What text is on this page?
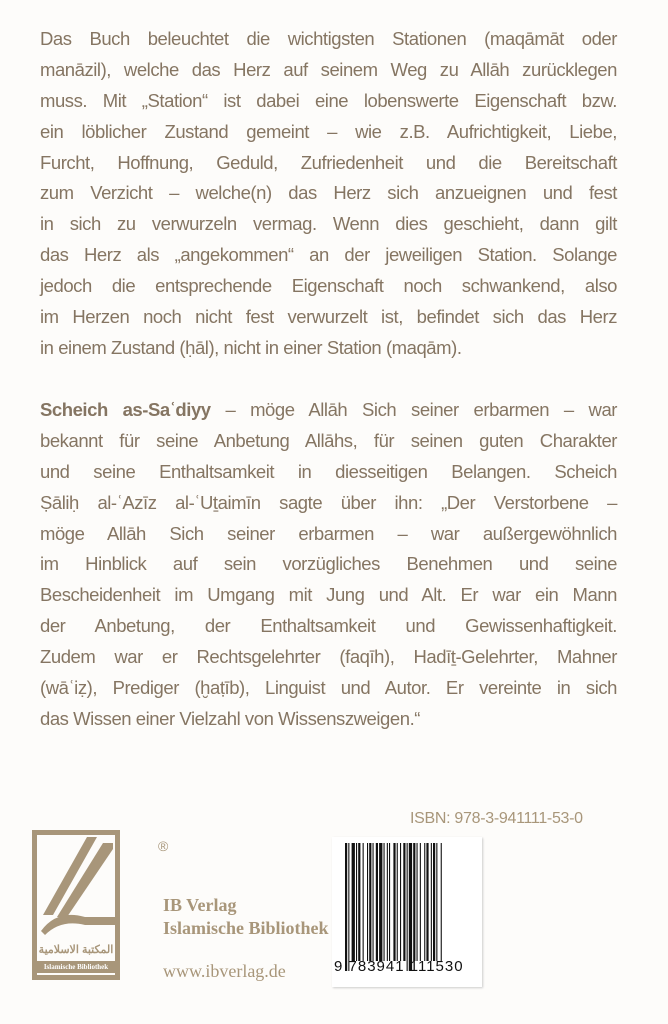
Das Buch beleuchtet die wichtigsten Stationen (maqāmāt oder
manāzil), welche das Herz auf seinem Weg zu Allāh zurücklegen
muss. Mit „Station“ ist dabei eine lobenswerte Eigenschaft bzw.
ein löblicher Zustand gemeint – wie z.B. Aufrichtigkeit, Liebe,
Furcht, Hoffnung, Geduld, Zufriedenheit und die Bereitschaft
zum Verzicht – welche(n) das Herz sich anzueignen und fest
in sich zu verwurzeln vermag. Wenn dies geschieht, dann gilt
das Herz als „angekommen“ an der jeweiligen Station. Solange
jedoch die entsprechende Eigenschaft noch schwankend, also
im Herzen noch nicht fest verwurzelt ist, befindet sich das Herz
in einem Zustand (ḥāl), nicht in einer Station (maqām).
Scheich as-Saʿdiyy – möge Allāh Sich seiner erbarmen – war
bekannt für seine Anbetung Allāhs, für seinen guten Charakter
und seine Enthaltsamkeit in diesseitigen Belangen. Scheich
Ṣāliḥ al-ʿAzīz al-ʿUṯaimīn sagte über ihn: „Der Verstorbene –
möge Allāh Sich seiner erbarmen – war außergewöhnlich
im Hinblick auf sein vorzügliches Benehmen und seine
Bescheidenheit im Umgang mit Jung und Alt. Er war ein Mann
der Anbetung, der Enthaltsamkeit und Gewissenhaftigkeit.
Zudem war er Rechtsgelehrter (faqīh), Hadīṯ-Gelehrter, Mahner
(wāʿiẓ), Prediger (ḫaṭīb), Linguist und Autor. Er vereinte in sich
das Wissen einer Vielzahl von Wissenszweigen.“
المكتبة الاسلامية
Islamische Bibliothek
®
IB Verlag
Islamische Bibliothek
www.ibverlag.de
ISBN: 978-3-941111-53-0
9 783941 111530
